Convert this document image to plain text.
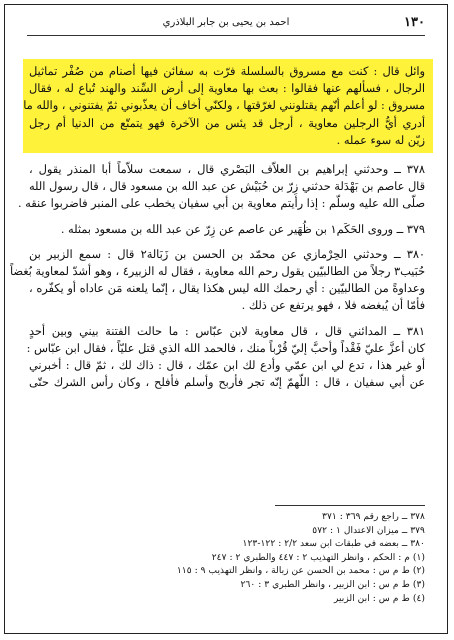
١٣٠
احمد بن يحيى بن جابر البلاذري
وائل قال : كنت مع مسروق بالسلسلة فرّت به سفائن فيها أصنام من صُفْر تماثيل
الرجال ، فسألهم عنها فقالوا : بعث بها معاوية إلى أرض السِّند والهند تُباع له ، فقال
مسروق : لو أعلم أنّهم يقتلونني لغرّقتها ، ولكنّي أخاف أن يعذّبوني ثمّ يفتنوني ، والله ما
أدري أيُّ الرجلين معاوية ، أرجل قد يئس من الآخرة فهو يتمتّع من الدنيا أم رجل
زيّن له سوء عمله .
٣٧٨ ــ وحدثني إبراهيم بن العلاّف البَصْري قال ، سمعت سلاّماً أبا المنذر يقول ،
قال عاصم بن بَهْدَلة حدثني زِرّ بن حُبَيْش عن عبد الله بن مسعود قال ، قال رسول الله
صلّى الله عليه وسلّم : إذا رأيتم معاوية بن أبي سفيان يخطب على المنبر فاضربوا عنقه .
٣٧٩ ــ وروى الحَكَم١ بن ظُهَير عن عاصم عن زِرّ عن عبد الله بن مسعود بمثله .
٣٨٠ ــ وحدثني الحِرْمازي عن محمّد بن الحسن بن زَبَالة٢ قال : سمع الزبير بن
حُبَيب٣ رجلاً من الطالبيّين يقول رحم الله معاوية ، فقال له الزبير٤ ، وهو أشدّ لمعاوية بُغضاً
وعداوةً من الطالبيّين : أي رحمك الله ليس هكذا يقال ، إنّما يلعنه مَن عاداه أو يكفّره ،
فأمّا أن يُبغضه فلا ، فهو يرتفع عن ذلك .
٣٨١ ــ المدائني قال ، قال معاوية لابن عبّاس : ما حالت الفتنة بيني وبين أحدٍ
كان أعزَّ عليّ فَقْداً وأحبَّ إليّ قُرْباً منك ، فالحمد الله الذي قتل عليّاً ، فقال ابن عبّاس :
أو غير هذا ، تدع لي ابن عمّي وأدع لك ابن عمّك ، قال : ذاك لك ، ثمّ قال : أخبرني
عن أبي سفيان ، قال : اللّهمّ إنّه تجر فأربح وأسلم فأفلح ، وكان رأس الشرك حتّى
٣٧٨ ــ راجع رقم ٣٦٩ : ٣٧١
٣٧٩ ــ ميزان الاعتدال ١ : ٥٧٢
٣٨٠ ــ بعضه في طبقات ابن سعد ٢/٢ : ١٢٢-١٢٣
(١) م : الحكم ، وانظر التهذيب ٢ : ٤٤٧ والطبري ٢ : ٢٤٧
(٢) ط م س : محمد بن الحسن عن زبالة ، وانظر التهذيب ٩ : ١١٥
(٣) ط م س : ابن الزبير ، وانظر الطبري ٣ : ٢٦٠
(٤) ط م س : ابن الزبير
